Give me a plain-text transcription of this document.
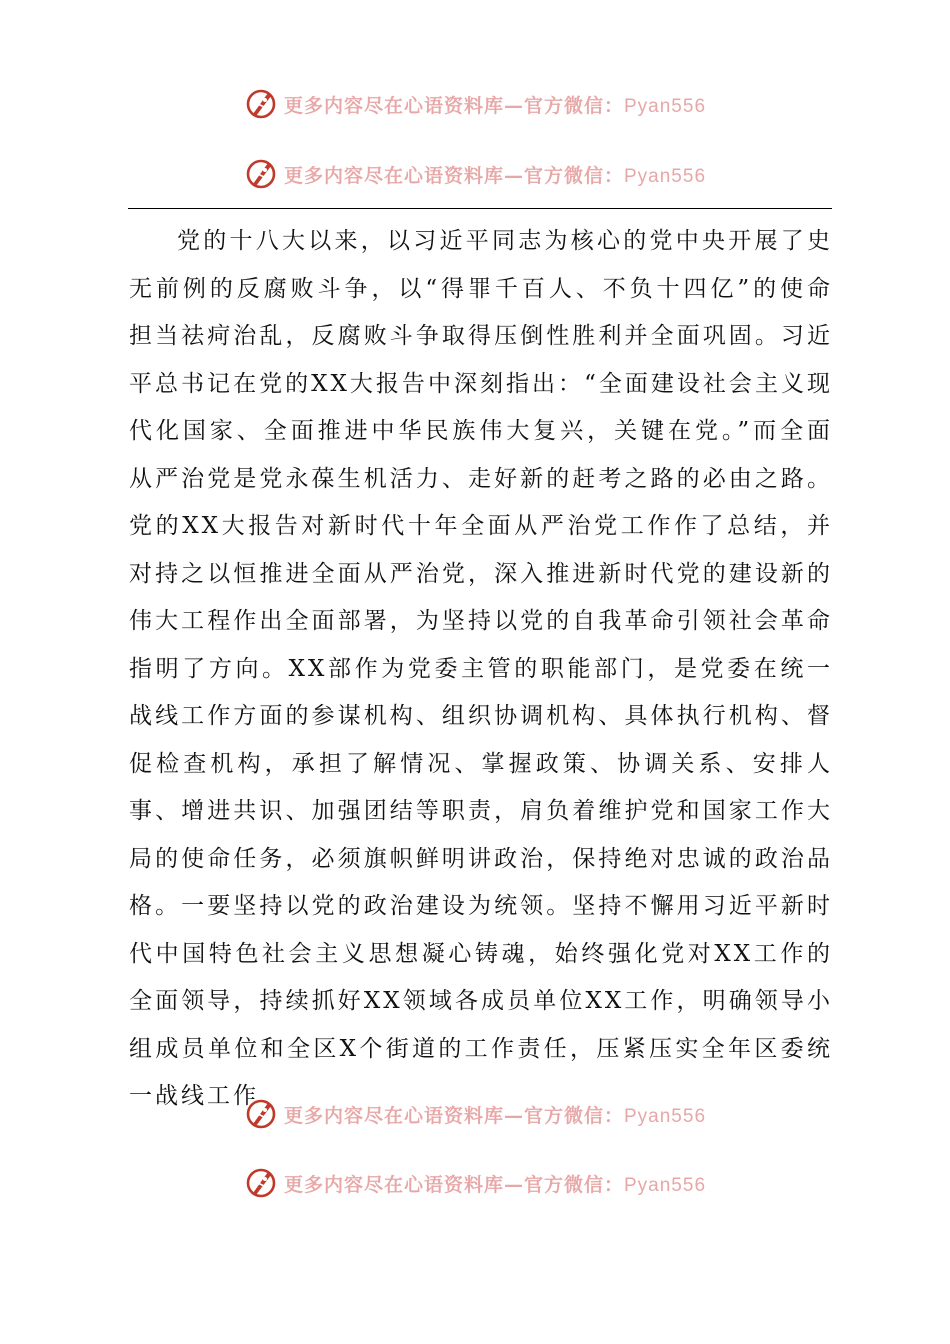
更多内容尽在心语资料库—官方微信：Pyan556
更多内容尽在心语资料库—官方微信：Pyan556

党的十八大以来，以习近平同志为核心的党中央开展了史无前例的反腐败斗争，以“得罪千百人、不负十四亿”的使命担当祛疴治乱，反腐败斗争取得压倒性胜利并全面巩固。习近平总书记在党的XX大报告中深刻指出：“全面建设社会主义现代化国家、全面推进中华民族伟大复兴，关键在党。”而全面从严治党是党永葆生机活力、走好新的赶考之路的必由之路。党的XX大报告对新时代十年全面从严治党工作作了总结，并对持之以恒推进全面从严治党，深入推进新时代党的建设新的伟大工程作出全面部署，为坚持以党的自我革命引领社会革命指明了方向。XX部作为党委主管的职能部门，是党委在统一战线工作方面的参谋机构、组织协调机构、具体执行机构、督促检查机构，承担了解情况、掌握政策、协调关系、安排人事、增进共识、加强团结等职责，肩负着维护党和国家工作大局的使命任务，必须旗帜鲜明讲政治，保持绝对忠诚的政治品格。一要坚持以党的政治建设为统领。坚持不懈用习近平新时代中国特色社会主义思想凝心铸魂，始终强化党对XX工作的全面领导，持续抓好XX领域各成员单位XX工作，明确领导小组成员单位和全区X个街道的工作责任，压紧压实全年区委统一战线工作

更多内容尽在心语资料库—官方微信：Pyan556
更多内容尽在心语资料库—官方微信：Pyan556
